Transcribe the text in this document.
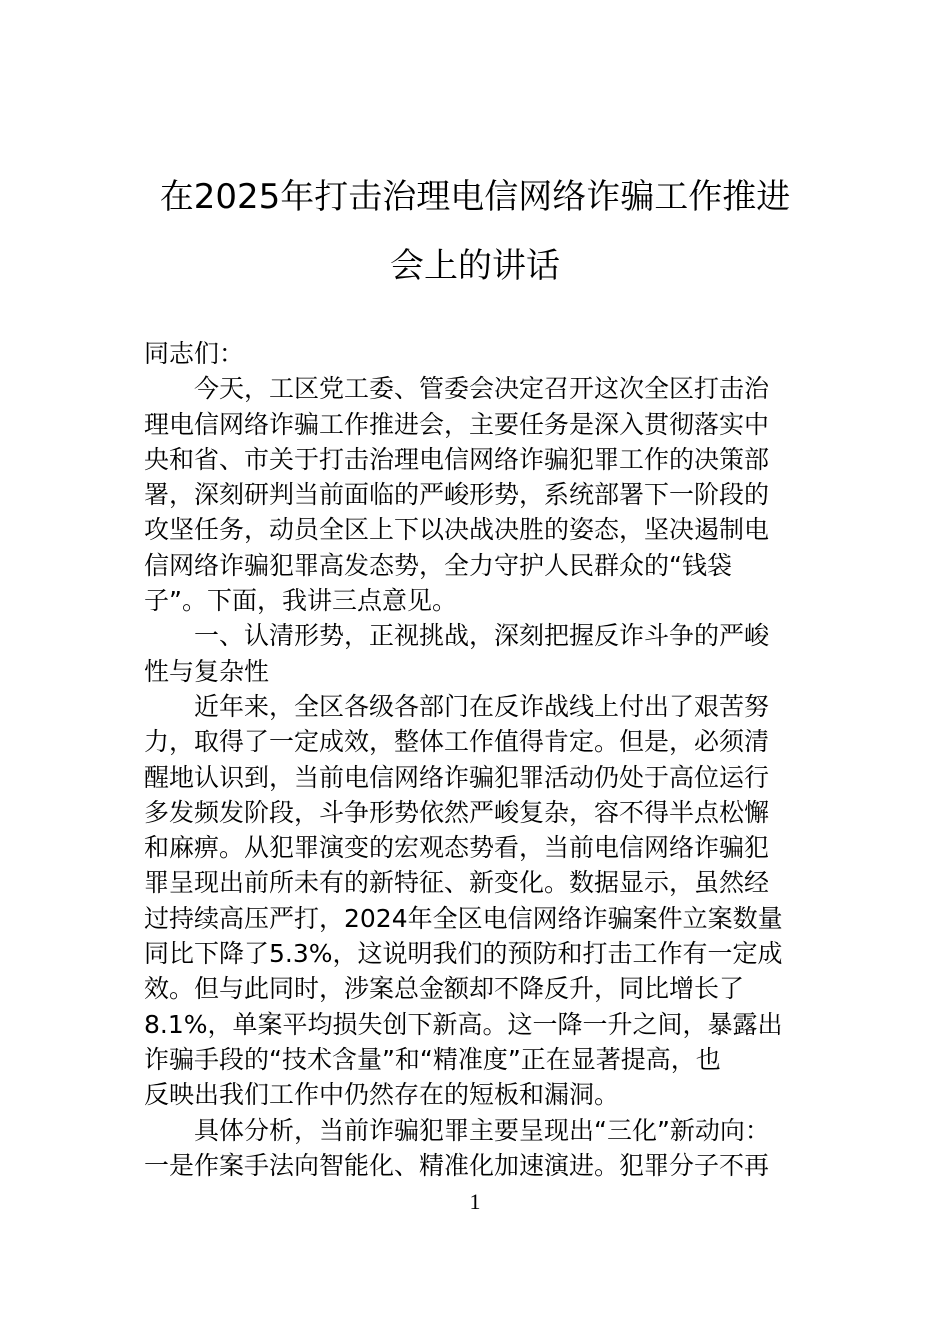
在2025年打击治理电信网络诈骗工作推进
会上的讲话
同志们：
今天，工区党工委、管委会决定召开这次全区打击治
理电信网络诈骗工作推进会，主要任务是深入贯彻落实中
央和省、市关于打击治理电信网络诈骗犯罪工作的决策部
署，深刻研判当前面临的严峻形势，系统部署下一阶段的
攻坚任务，动员全区上下以决战决胜的姿态，坚决遏制电
信网络诈骗犯罪高发态势，全力守护人民群众的“钱袋
子”。下面，我讲三点意见。
一、认清形势，正视挑战，深刻把握反诈斗争的严峻
性与复杂性
近年来，全区各级各部门在反诈战线上付出了艰苦努
力，取得了一定成效，整体工作值得肯定。但是，必须清
醒地认识到，当前电信网络诈骗犯罪活动仍处于高位运行
多发频发阶段，斗争形势依然严峻复杂，容不得半点松懈
和麻痹。从犯罪演变的宏观态势看，当前电信网络诈骗犯
罪呈现出前所未有的新特征、新变化。数据显示，虽然经
过持续高压严打，2024年全区电信网络诈骗案件立案数量
同比下降了5.3%，这说明我们的预防和打击工作有一定成
效。但与此同时，涉案总金额却不降反升，同比增长了
8.1%，单案平均损失创下新高。这一降一升之间，暴露出
诈骗手段的“技术含量”和“精准度”正在显著提高，也
反映出我们工作中仍然存在的短板和漏洞。
具体分析，当前诈骗犯罪主要呈现出“三化”新动向：
一是作案手法向智能化、精准化加速演进。犯罪分子不再
1
